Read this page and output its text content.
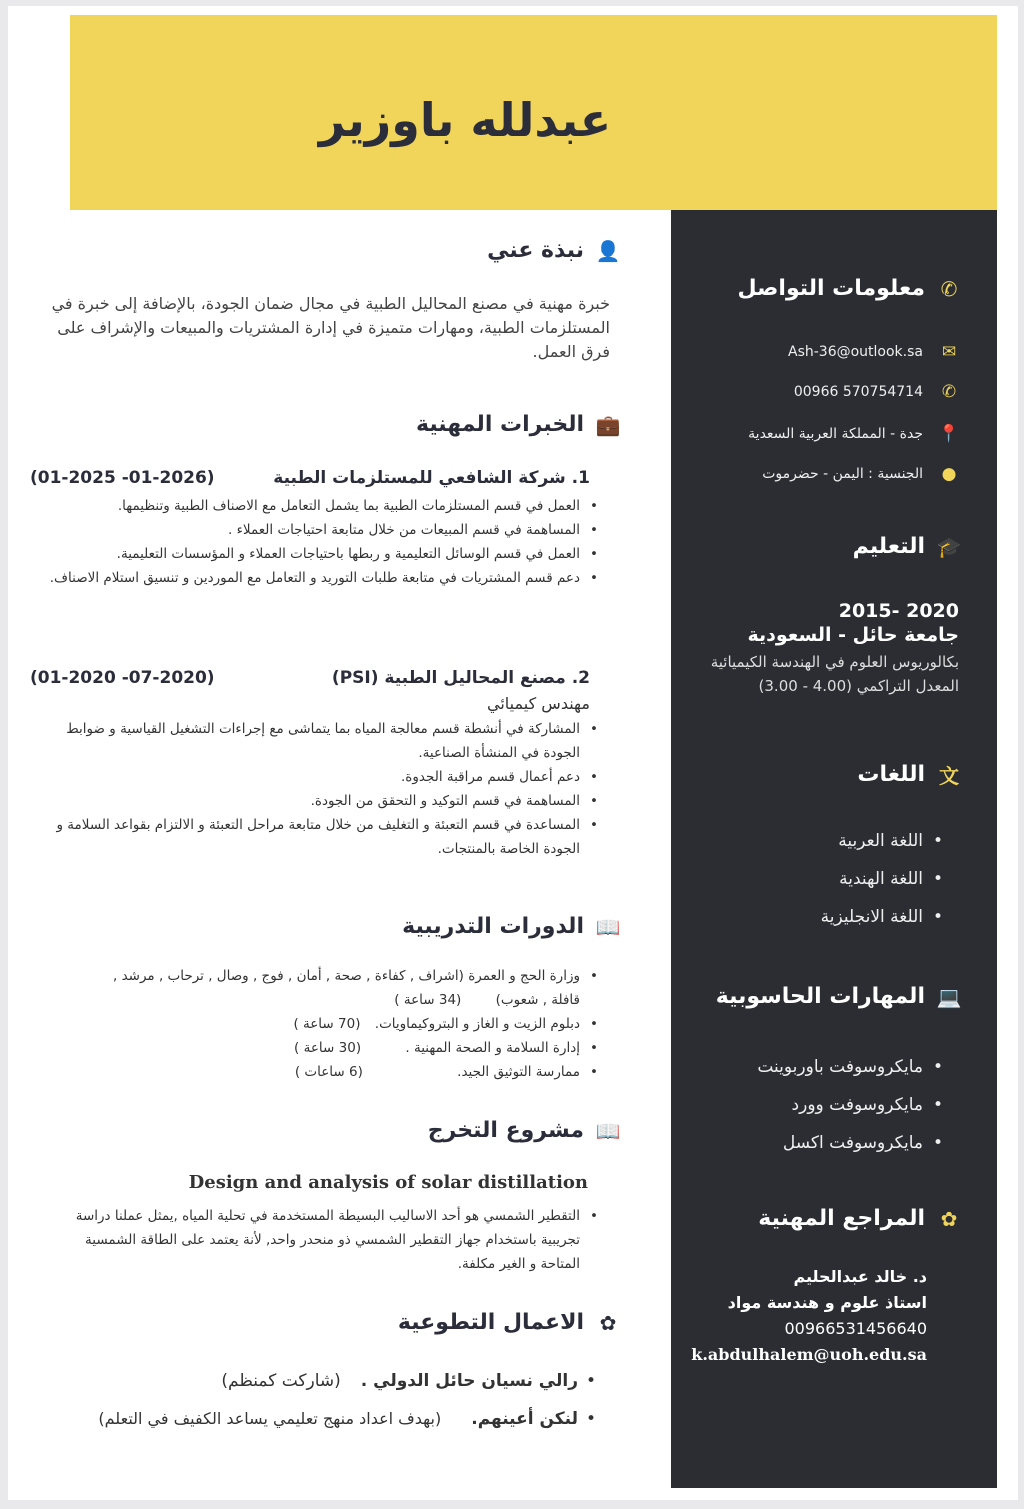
عبدلله باوزير
👤
نبذة عني
خبرة مهنية في مصنع المحاليل الطبية في مجال ضمان الجودة، بالإضافة إلى خبرة في المستلزمات الطبية، ومهارات متميزة في إدارة المشتريات والمبيعات والإشراف على فرق العمل.
💼
الخبرات المهنية
1. شركة الشافعي للمستلزمات الطبية
(01-2025 -01-2026)
• العمل في قسم المستلزمات الطبية بما يشمل التعامل مع الاصناف الطبية وتنظيمها.
• المساهمة في قسم المبيعات من خلال متابعة احتياجات العملاء .
• العمل في قسم الوسائل التعليمية و ربطها باحتياجات العملاء و المؤسسات التعليمية.
• دعم قسم المشتريات في متابعة طلبات التوريد و التعامل مع الموردين و تنسيق استلام الاصناف.
2. مصنع المحاليل الطبية (PSI)
(01-2020 -07-2020)
مهندس كيميائي
• المشاركة في أنشطة قسم معالجة المياه بما يتماشى مع إجراءات التشغيل القياسية و ضوابط الجودة في المنشأة الصناعية.
• دعم أعمال قسم مراقبة الجدوة.
• المساهمة في قسم التوكيد و التحقق من الجودة.
• المساعدة في قسم التعبئة و التغليف من خلال متابعة مراحل التعبئة و الالتزام بقواعد السلامة و الجودة الخاصة بالمنتجات.
📖
الدورات التدريبية
• وزارة الحج و العمرة (اشراف , كفاءة , صحة , أمان , فوج , وصال , ترحاب , مرشد , قافلة , شعوب) (34 ساعة )
• دبلوم الزيت و الغاز و البتروكيماويات. (70 ساعة )
• إدارة السلامة و الصحة المهنية . (30 ساعة )
• ممارسة التوثيق الجيد. (6 ساعات )
📖
مشروع التخرج
Design and analysis of solar distillation
• التقطير الشمسي هو أحد الاساليب البسيطة المستخدمة في تحلية المياه ,يمثل عملنا دراسة تجريبية باستخدام جهاز التقطير الشمسي ذو منحدر واحد, لأنة يعتمد على الطاقة الشمسية المتاحة و الغير مكلفة.
✿
الاعمال التطوعية
• رالي نسيان حائل الدولي .(شاركت كمنظم)
• لنكن أعينهم.(بهدف اعداد منهج تعليمي يساعد الكفيف في التعلم)
✆
معلومات التواصل
✉
Ash-36@outlook.sa
✆
00966 570754714
📍
جدة - المملكة العربية السعدية
●
الجنسية : اليمن - حضرموت
🎓
التعليم
2015- 2020
جامعة حائل - السعودية
بكالوريوس العلوم في الهندسة الكيميائية
المعدل التراكمي (4.00 - 3.00)
文
اللغات
• اللغة العربية
• اللغة الهندية
• اللغة الانجليزية
💻
المهارات الحاسوبية
• مايكروسوفت باوربوينت
• مايكروسوفت وورد
• مايكروسوفت اكسل
✿
المراجع المهنية
د. خالد عبدالحليم
استاذ علوم و هندسة مواد
00966531456640
k.abdulhalem@uoh.edu.sa
